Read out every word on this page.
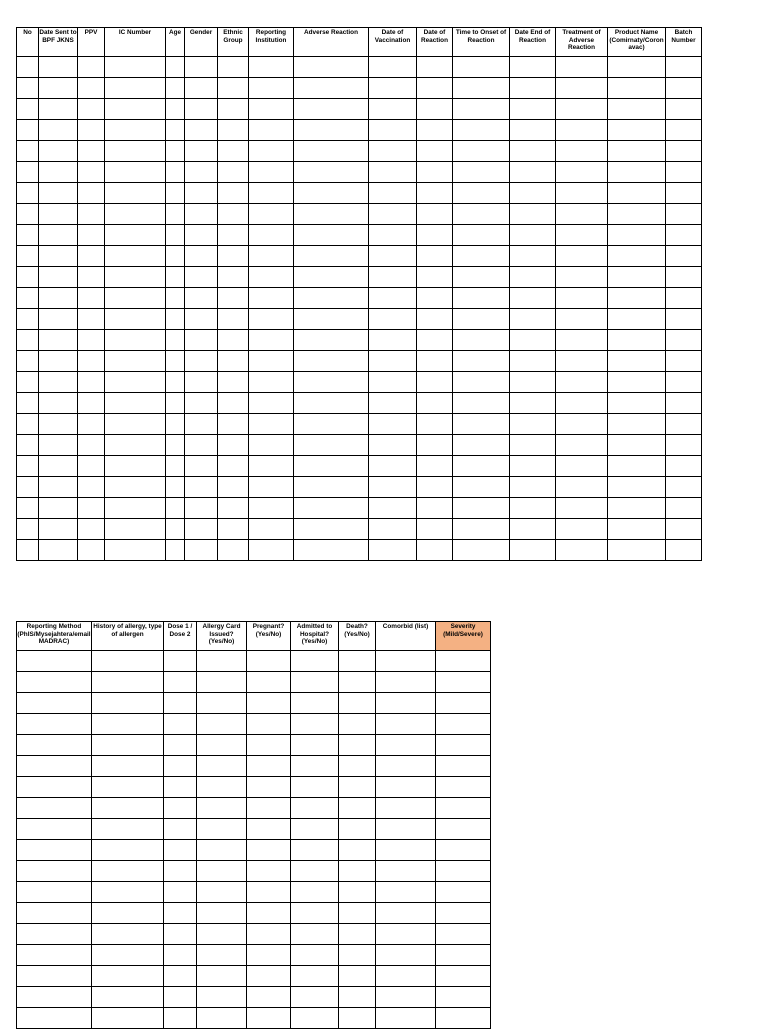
No	Date Sent to BPF JKNS	PPV	IC Number	Age	Gender	Ethnic Group	Reporting Institution	Adverse Reaction	Date of Vaccination	Date of Reaction	Time to Onset of Reaction	Date End of Reaction	Treatment of Adverse Reaction	Product Name (Comirnaty/Coronavac)	Batch Number

Reporting Method (PhIS/Mysejahtera/email MADRAC)	History of allergy, type of allergen	Dose 1 / Dose 2	Allergy Card Issued? (Yes/No)	Pregnant? (Yes/No)	Admitted to Hospital? (Yes/No)	Death? (Yes/No)	Comorbid (list)	Severity (Mild/Severe)
